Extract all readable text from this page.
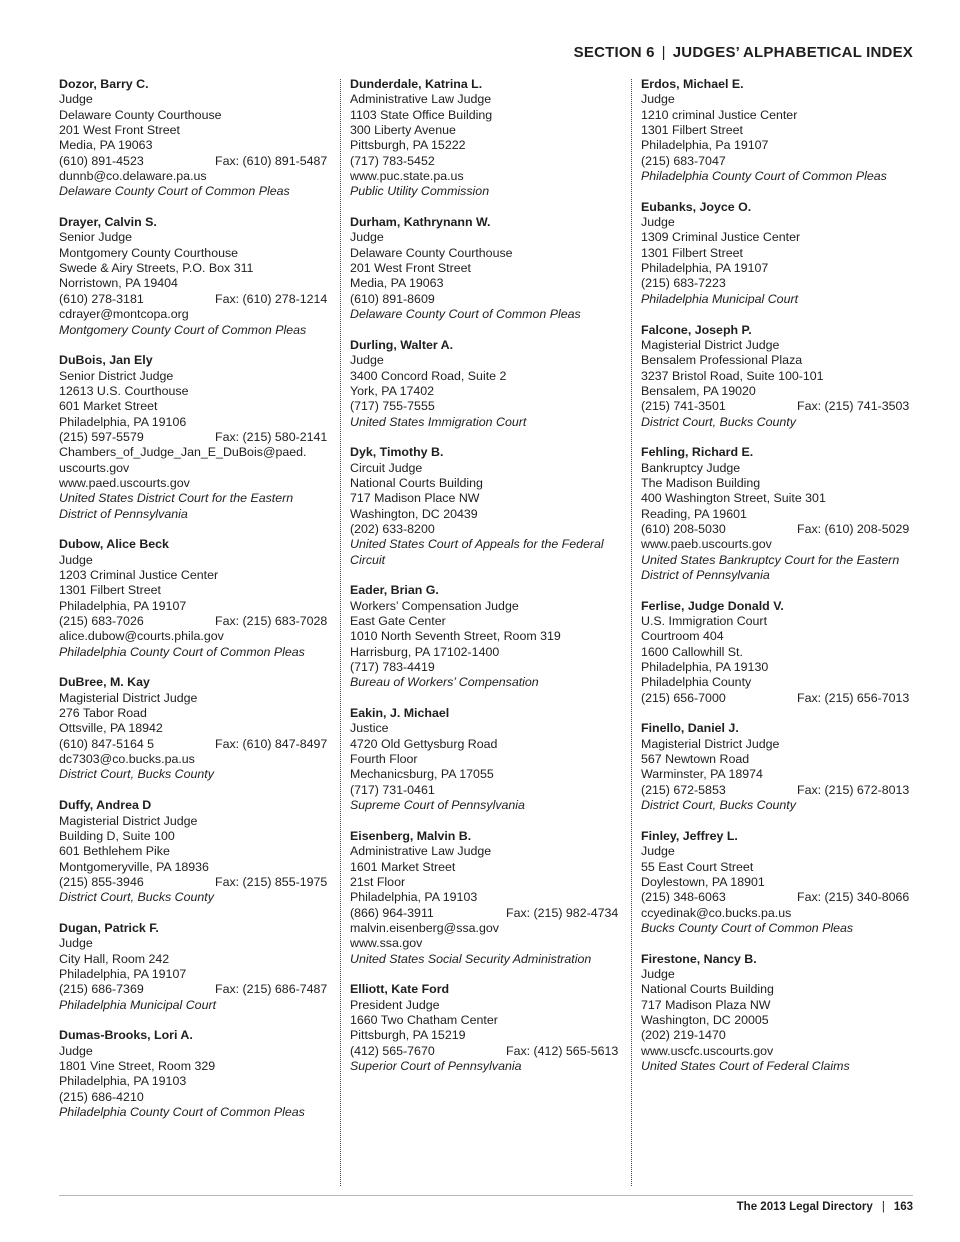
SECTION 6 | JUDGES’ ALPHABETICAL INDEX
Dozor, Barry C.
Judge
Delaware County Courthouse
201 West Front Street
Media, PA 19063
(610) 891-4523	Fax: (610) 891-5487
dunnb@co.delaware.pa.us
Delaware County Court of Common Pleas
Drayer, Calvin S.
Senior Judge
Montgomery County Courthouse
Swede & Airy Streets, P.O. Box 311
Norristown, PA 19404
(610) 278-3181	Fax: (610) 278-1214
cdrayer@montcopa.org
Montgomery County Court of Common Pleas
DuBois, Jan Ely
Senior District Judge
12613 U.S. Courthouse
601 Market Street
Philadelphia, PA 19106
(215) 597-5579	Fax: (215) 580-2141
Chambers_of_Judge_Jan_E_DuBois@paed.
uscourts.gov
www.paed.uscourts.gov
United States District Court for the Eastern District of Pennsylvania
Dubow, Alice Beck
Judge
1203 Criminal Justice Center
1301 Filbert Street
Philadelphia, PA 19107
(215) 683-7026	Fax: (215) 683-7028
alice.dubow@courts.phila.gov
Philadelphia County Court of Common Pleas
DuBree, M. Kay
Magisterial District Judge
276 Tabor Road
Ottsville, PA 18942
(610) 847-5164 5	Fax: (610) 847-8497
dc7303@co.bucks.pa.us
District Court, Bucks County
Duffy, Andrea D
Magisterial District Judge
Building D, Suite 100
601 Bethlehem Pike
Montgomeryville, PA 18936
(215) 855-3946	Fax: (215) 855-1975
District Court, Bucks County
Dugan, Patrick F.
Judge
City Hall, Room 242
Philadelphia, PA 19107
(215) 686-7369	Fax: (215) 686-7487
Philadelphia Municipal Court
Dumas-Brooks, Lori A.
Judge
1801 Vine Street, Room 329
Philadelphia, PA 19103
(215) 686-4210
Philadelphia County Court of Common Pleas
Dunderdale, Katrina L.
Administrative Law Judge
1103 State Office Building
300 Liberty Avenue
Pittsburgh, PA 15222
(717) 783-5452
www.puc.state.pa.us
Public Utility Commission
Durham, Kathrynann W.
Judge
Delaware County Courthouse
201 West Front Street
Media, PA 19063
(610) 891-8609
Delaware County Court of Common Pleas
Durling, Walter A.
Judge
3400 Concord Road, Suite 2
York, PA 17402
(717) 755-7555
United States Immigration Court
Dyk, Timothy B.
Circuit Judge
National Courts Building
717 Madison Place NW
Washington, DC 20439
(202) 633-8200
United States Court of Appeals for the Federal Circuit
Eader, Brian G.
Workers’ Compensation Judge
East Gate Center
1010 North Seventh Street, Room 319
Harrisburg, PA 17102-1400
(717) 783-4419
Bureau of Workers’ Compensation
Eakin, J. Michael
Justice
4720 Old Gettysburg Road
Fourth Floor
Mechanicsburg, PA 17055
(717) 731-0461
Supreme Court of Pennsylvania
Eisenberg, Malvin B.
Administrative Law Judge
1601 Market Street
21st Floor
Philadelphia, PA 19103
(866) 964-3911	Fax: (215) 982-4734
malvin.eisenberg@ssa.gov
www.ssa.gov
United States Social Security Administration
Elliott, Kate Ford
President Judge
1660 Two Chatham Center
Pittsburgh, PA 15219
(412) 565-7670	Fax: (412) 565-5613
Superior Court of Pennsylvania
Erdos, Michael E.
Judge
1210 criminal Justice Center
1301 Filbert Street
Philadelphia, Pa 19107
(215) 683-7047
Philadelphia County Court of Common Pleas
Eubanks, Joyce O.
Judge
1309 Criminal Justice Center
1301 Filbert Street
Philadelphia, PA 19107
(215) 683-7223
Philadelphia Municipal Court
Falcone, Joseph P.
Magisterial District Judge
Bensalem Professional Plaza
3237 Bristol Road, Suite 100-101
Bensalem, PA 19020
(215) 741-3501	Fax: (215) 741-3503
District Court, Bucks County
Fehling, Richard E.
Bankruptcy Judge
The Madison Building
400 Washington Street, Suite 301
Reading, PA 19601
(610) 208-5030	Fax: (610) 208-5029
www.paeb.uscourts.gov
United States Bankruptcy Court for the Eastern District of Pennsylvania
Ferlise, Judge Donald V.
U.S. Immigration Court
Courtroom 404
1600 Callowhill St.
Philadelphia, PA 19130
Philadelphia County
(215) 656-7000	Fax: (215) 656-7013
Finello, Daniel J.
Magisterial District Judge
567 Newtown Road
Warminster, PA 18974
(215) 672-5853	Fax: (215) 672-8013
District Court, Bucks County
Finley, Jeffrey L.
Judge
55 East Court Street
Doylestown, PA 18901
(215) 348-6063	Fax: (215) 340-8066
ccyedinak@co.bucks.pa.us
Bucks County Court of Common Pleas
Firestone, Nancy B.
Judge
National Courts Building
717 Madison Plaza NW
Washington, DC 20005
(202) 219-1470
www.uscfc.uscourts.gov
United States Court of Federal Claims
The 2013 Legal Directory | 163
